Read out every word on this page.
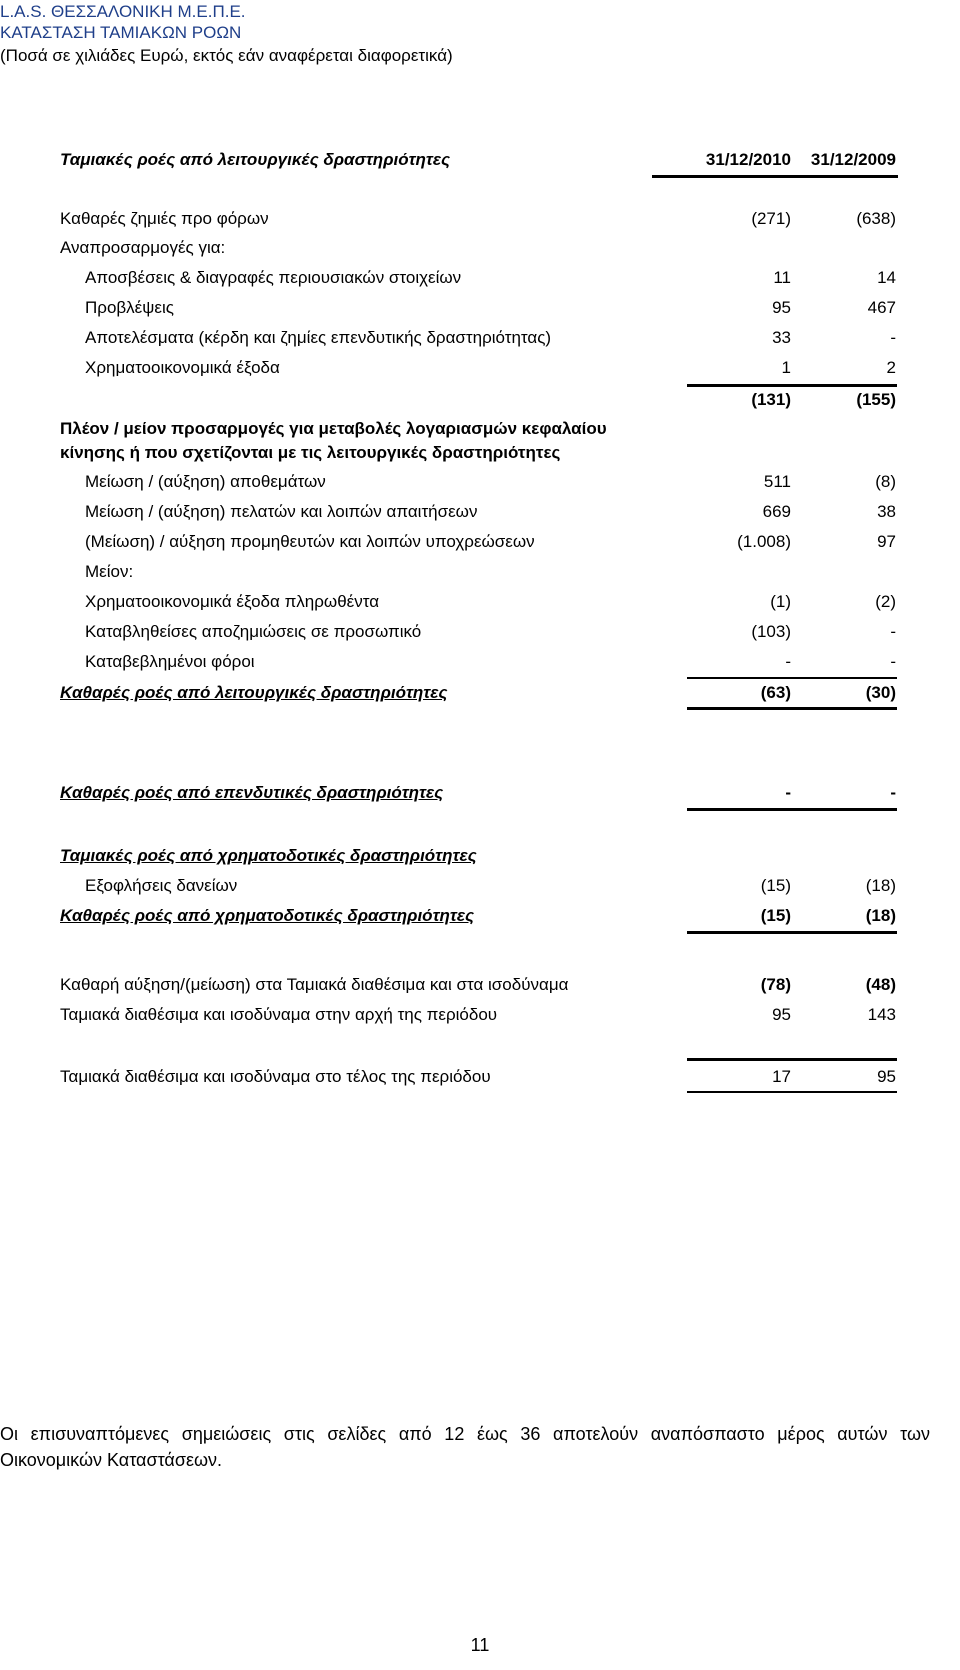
L.A.S. ΘΕΣΣΑΛΟΝΙΚΗ Μ.Ε.Π.Ε.
ΚΑΤΑΣΤΑΣΗ ΤΑΜΙΑΚΩΝ ΡΟΩΝ
(Ποσά σε χιλιάδες Ευρώ, εκτός εάν αναφέρεται διαφορετικά)
Ταμιακές ροές από λειτουργικές δραστηριότητες	31/12/2010	31/12/2009
Καθαρές ζημιές προ φόρων	(271)	(638)
Αναπροσαρμογές για:
Αποσβέσεις & διαγραφές περιουσιακών στοιχείων	11	14
Προβλέψεις	95	467
Αποτελέσματα (κέρδη και ζημίες επενδυτικής δραστηριότητας)	33	-
Χρηματοοικονομικά έξοδα	1	2
(131)	(155)
Πλέον / μείον προσαρμογές για μεταβολές λογαριασμών κεφαλαίου
κίνησης ή που σχετίζονται με τις λειτουργικές δραστηριότητες
Μείωση / (αύξηση) αποθεμάτων	511	(8)
Μείωση / (αύξηση) πελατών και λοιπών απαιτήσεων	669	38
(Μείωση) / αύξηση προμηθευτών και λοιπών υποχρεώσεων	(1.008)	97
Μείον:
Χρηματοοικονομικά έξοδα πληρωθέντα	(1)	(2)
Καταβληθείσες αποζημιώσεις σε προσωπικό	(103)	-
Καταβεβλημένοι φόροι	-	-
Καθαρές ροές από λειτουργικές δραστηριότητες	(63)	(30)
Καθαρές ροές από επενδυτικές δραστηριότητες	-	-
Ταμιακές ροές από χρηματοδοτικές δραστηριότητες
Εξοφλήσεις δανείων	(15)	(18)
Καθαρές ροές από χρηματοδοτικές δραστηριότητες	(15)	(18)
Καθαρή αύξηση/(μείωση) στα Ταμιακά διαθέσιμα και στα ισοδύναμα	(78)	(48)
Ταμιακά διαθέσιμα και ισοδύναμα στην αρχή της περιόδου	95	143
Ταμιακά διαθέσιμα και ισοδύναμα στο τέλος της περιόδου	17	95
Οι επισυναπτόμενες σημειώσεις στις σελίδες από 12 έως 36 αποτελούν αναπόσπαστο μέρος αυτών των Οικονομικών Καταστάσεων.
11
